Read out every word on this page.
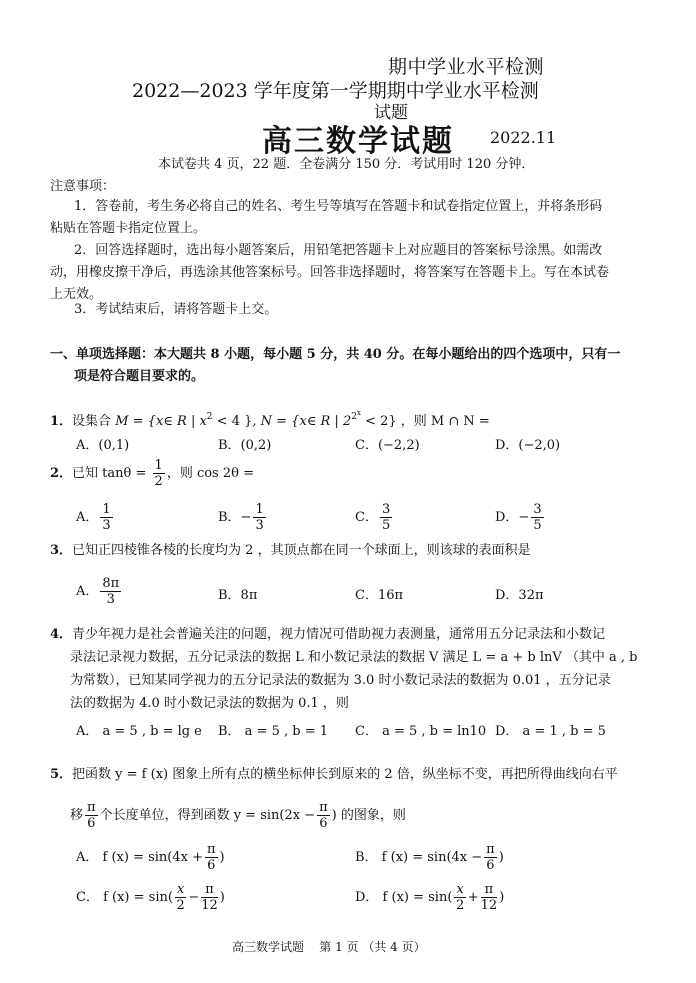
期中学业水平检测
2022—2023 学年度第一学期期中学业水平检测
试题
高三数学试题 2022.11
本试卷共 4 页，22 题．全卷满分 150 分．考试用时 120 分钟．
注意事项：
1．答卷前，考生务必将自己的姓名、考生号等填写在答题卡和试卷指定位置上，并将条形码
粘贴在答题卡指定位置上。
2．回答选择题时，选出每小题答案后，用铅笔把答题卡上对应题目的答案标号涂黑。如需改
动，用橡皮擦干净后，再选涂其他答案标号。回答非选择题时，将答案写在答题卡上。写在本试卷
上无效。
3．考试结束后，请将答题卡上交。
一、单项选择题：本大题共 8 小题，每小题 5 分，共 40 分。在每小题给出的四个选项中，只有一
项是符合题目要求的。
1．设集合 M = {x∈ R | $x^2 < 4$ }, N = {x∈ R | $2^{2x} < 2$} ，则 M ∩ N =
A．(0,1)	B．(0,2)	C．(−2,2)	D．(−2,0)
2．已知 $\tan\theta = \frac{1}{2}$ ，则 cos 2θ =
A． $\frac{1}{3}$	B．− $\frac{1}{3}$	C． $\frac{3}{5}$	D．− $\frac{3}{5}$
3．已知正四棱锥各棱的长度均为 2 ，其顶点都在同一个球面上，则该球的表面积是
A． $\frac{8\pi}{3}$	B．8π	C．16π	D．32π
4．青少年视力是社会普遍关注的问题，视力情况可借助视力表测量，通常用五分记录法和小数记
录法记录视力数据，五分记录法的数据 L 和小数记录法的数据 V 满足 L = a + b lnV （其中 a , b
为常数），已知某同学视力的五分记录法的数据为 3.0 时小数记录法的数据为 0.01 ，五分记录
法的数据为 4.0 时小数记录法的数据为 0.1 ，则
A． a = 5 , b = lg e B． a = 5 , b = 1 C． a = 5 , b = ln10 D． a = 1 , b = 5
5．把函数 y = f (x) 图象上所有点的横坐标伸长到原来的 2 倍，纵坐标不变，再把所得曲线向右平
移 $\frac{\pi}{6}$ 个长度单位，得到函数 $y = \sin(2x - \frac{\pi}{6}$ ) 的图象，则
A． f $(x) = \sin(4x + \frac{\pi}{6}$ )	B． f $(x) = \sin(4x - \frac{\pi}{6}$ )
C． f $(x) = \sin( \frac{x}{2} - \frac{\pi}{12}$ )	D． f $(x) = \sin( \frac{x}{2} + \frac{\pi}{12}$ )
高三数学试题    第 1 页 （共 4 页）
